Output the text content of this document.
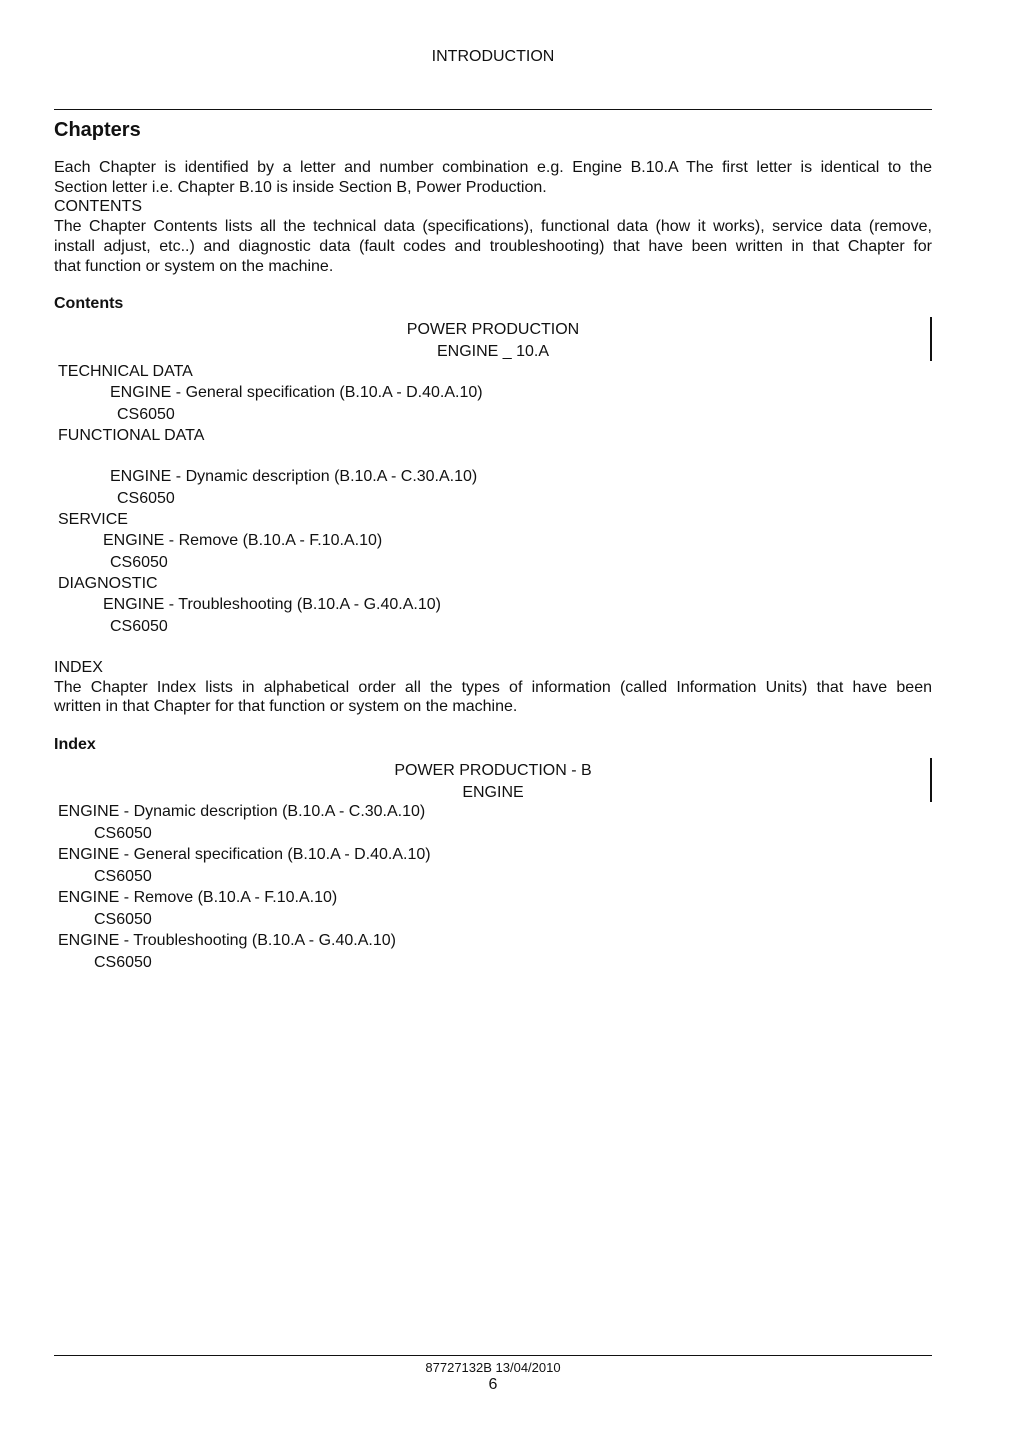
INTRODUCTION
Chapters
Each Chapter is identified by a letter and number combination e.g. Engine B.10.A The first letter is identical to the
Section letter i.e. Chapter B.10 is inside Section B, Power Production.
CONTENTS
The Chapter Contents lists all the technical data (specifications), functional data (how it works), service data (remove,
install adjust, etc..) and diagnostic data (fault codes and troubleshooting) that have been written in that Chapter for
that function or system on the machine.
Contents
POWER PRODUCTION
ENGINE _ 10.A
TECHNICAL DATA
ENGINE - General specification (B.10.A - D.40.A.10)
CS6050
FUNCTIONAL DATA
ENGINE - Dynamic description (B.10.A - C.30.A.10)
CS6050
SERVICE
ENGINE - Remove (B.10.A - F.10.A.10)
CS6050
DIAGNOSTIC
ENGINE - Troubleshooting (B.10.A - G.40.A.10)
CS6050
INDEX
The Chapter Index lists in alphabetical order all the types of information (called Information Units) that have been
written in that Chapter for that function or system on the machine.
Index
POWER PRODUCTION - B
ENGINE
ENGINE - Dynamic description (B.10.A - C.30.A.10)
CS6050
ENGINE - General specification (B.10.A - D.40.A.10)
CS6050
ENGINE - Remove (B.10.A - F.10.A.10)
CS6050
ENGINE - Troubleshooting (B.10.A - G.40.A.10)
CS6050
87727132B 13/04/2010
6
